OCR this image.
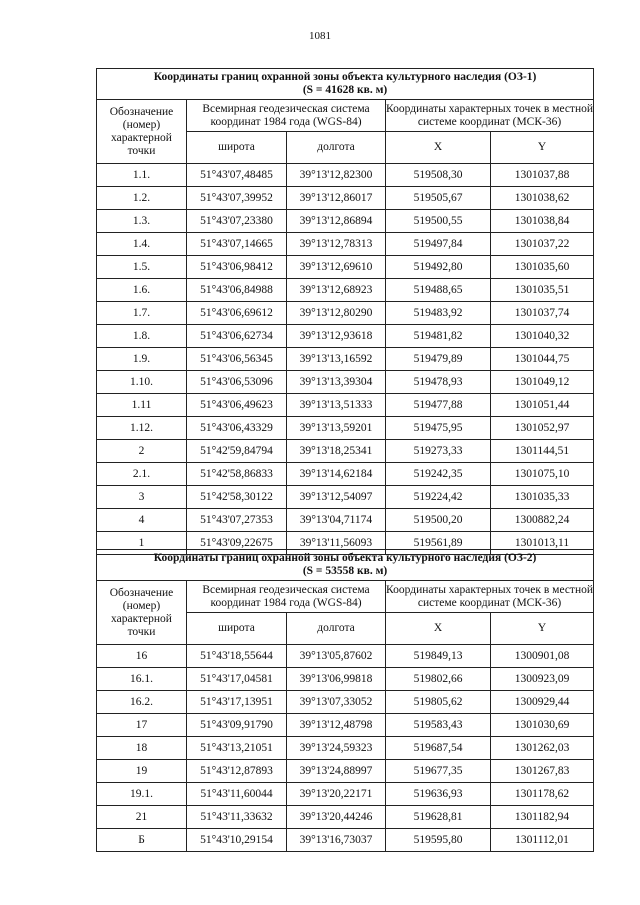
1081
Координаты границ охранной зоны объекта культурного наследия (ОЗ-1)
(S = 41628 кв. м)				

Обозначение (номер) характерной точки	Всемирная геодезическая система координат 1984 года (WGS-84)		Координаты характерных точек в местной системе координат (МСК-36)	
	широта	долгота	X	Y
1.1.	51°43'07,48485	39°13'12,82300	519508,30	1301037,88
1.2.	51°43'07,39952	39°13'12,86017	519505,67	1301038,62
1.3.	51°43'07,23380	39°13'12,86894	519500,55	1301038,84
1.4.	51°43'07,14665	39°13'12,78313	519497,84	1301037,22
1.5.	51°43'06,98412	39°13'12,69610	519492,80	1301035,60
1.6.	51°43'06,84988	39°13'12,68923	519488,65	1301035,51
1.7.	51°43'06,69612	39°13'12,80290	519483,92	1301037,74
1.8.	51°43'06,62734	39°13'12,93618	519481,82	1301040,32
1.9.	51°43'06,56345	39°13'13,16592	519479,89	1301044,75
1.10.	51°43'06,53096	39°13'13,39304	519478,93	1301049,12
1.11	51°43'06,49623	39°13'13,51333	519477,88	1301051,44
1.12.	51°43'06,43329	39°13'13,59201	519475,95	1301052,97
2	51°42'59,84794	39°13'18,25341	519273,33	1301144,51
2.1.	51°42'58,86833	39°13'14,62184	519242,35	1301075,10
3	51°42'58,30122	39°13'12,54097	519224,42	1301035,33
4	51°43'07,27353	39°13'04,71174	519500,20	1300882,24
1	51°43'09,22675	39°13'11,56093	519561,89	1301013,11
Координаты границ охранной зоны объекта культурного наследия (ОЗ-2)
(S = 53558 кв. м)				

Обозначение (номер) характерной точки	Всемирная геодезическая система координат 1984 года (WGS-84)		Координаты характерных точек в местной системе координат (МСК-36)	
	широта	долгота	X	Y
16	51°43'18,55644	39°13'05,87602	519849,13	1300901,08
16.1.	51°43'17,04581	39°13'06,99818	519802,66	1300923,09
16.2.	51°43'17,13951	39°13'07,33052	519805,62	1300929,44
17	51°43'09,91790	39°13'12,48798	519583,43	1301030,69
18	51°43'13,21051	39°13'24,59323	519687,54	1301262,03
19	51°43'12,87893	39°13'24,88997	519677,35	1301267,83
19.1.	51°43'11,60044	39°13'20,22171	519636,93	1301178,62
21	51°43'11,33632	39°13'20,44246	519628,81	1301182,94
Б	51°43'10,29154	39°13'16,73037	519595,80	1301112,01
